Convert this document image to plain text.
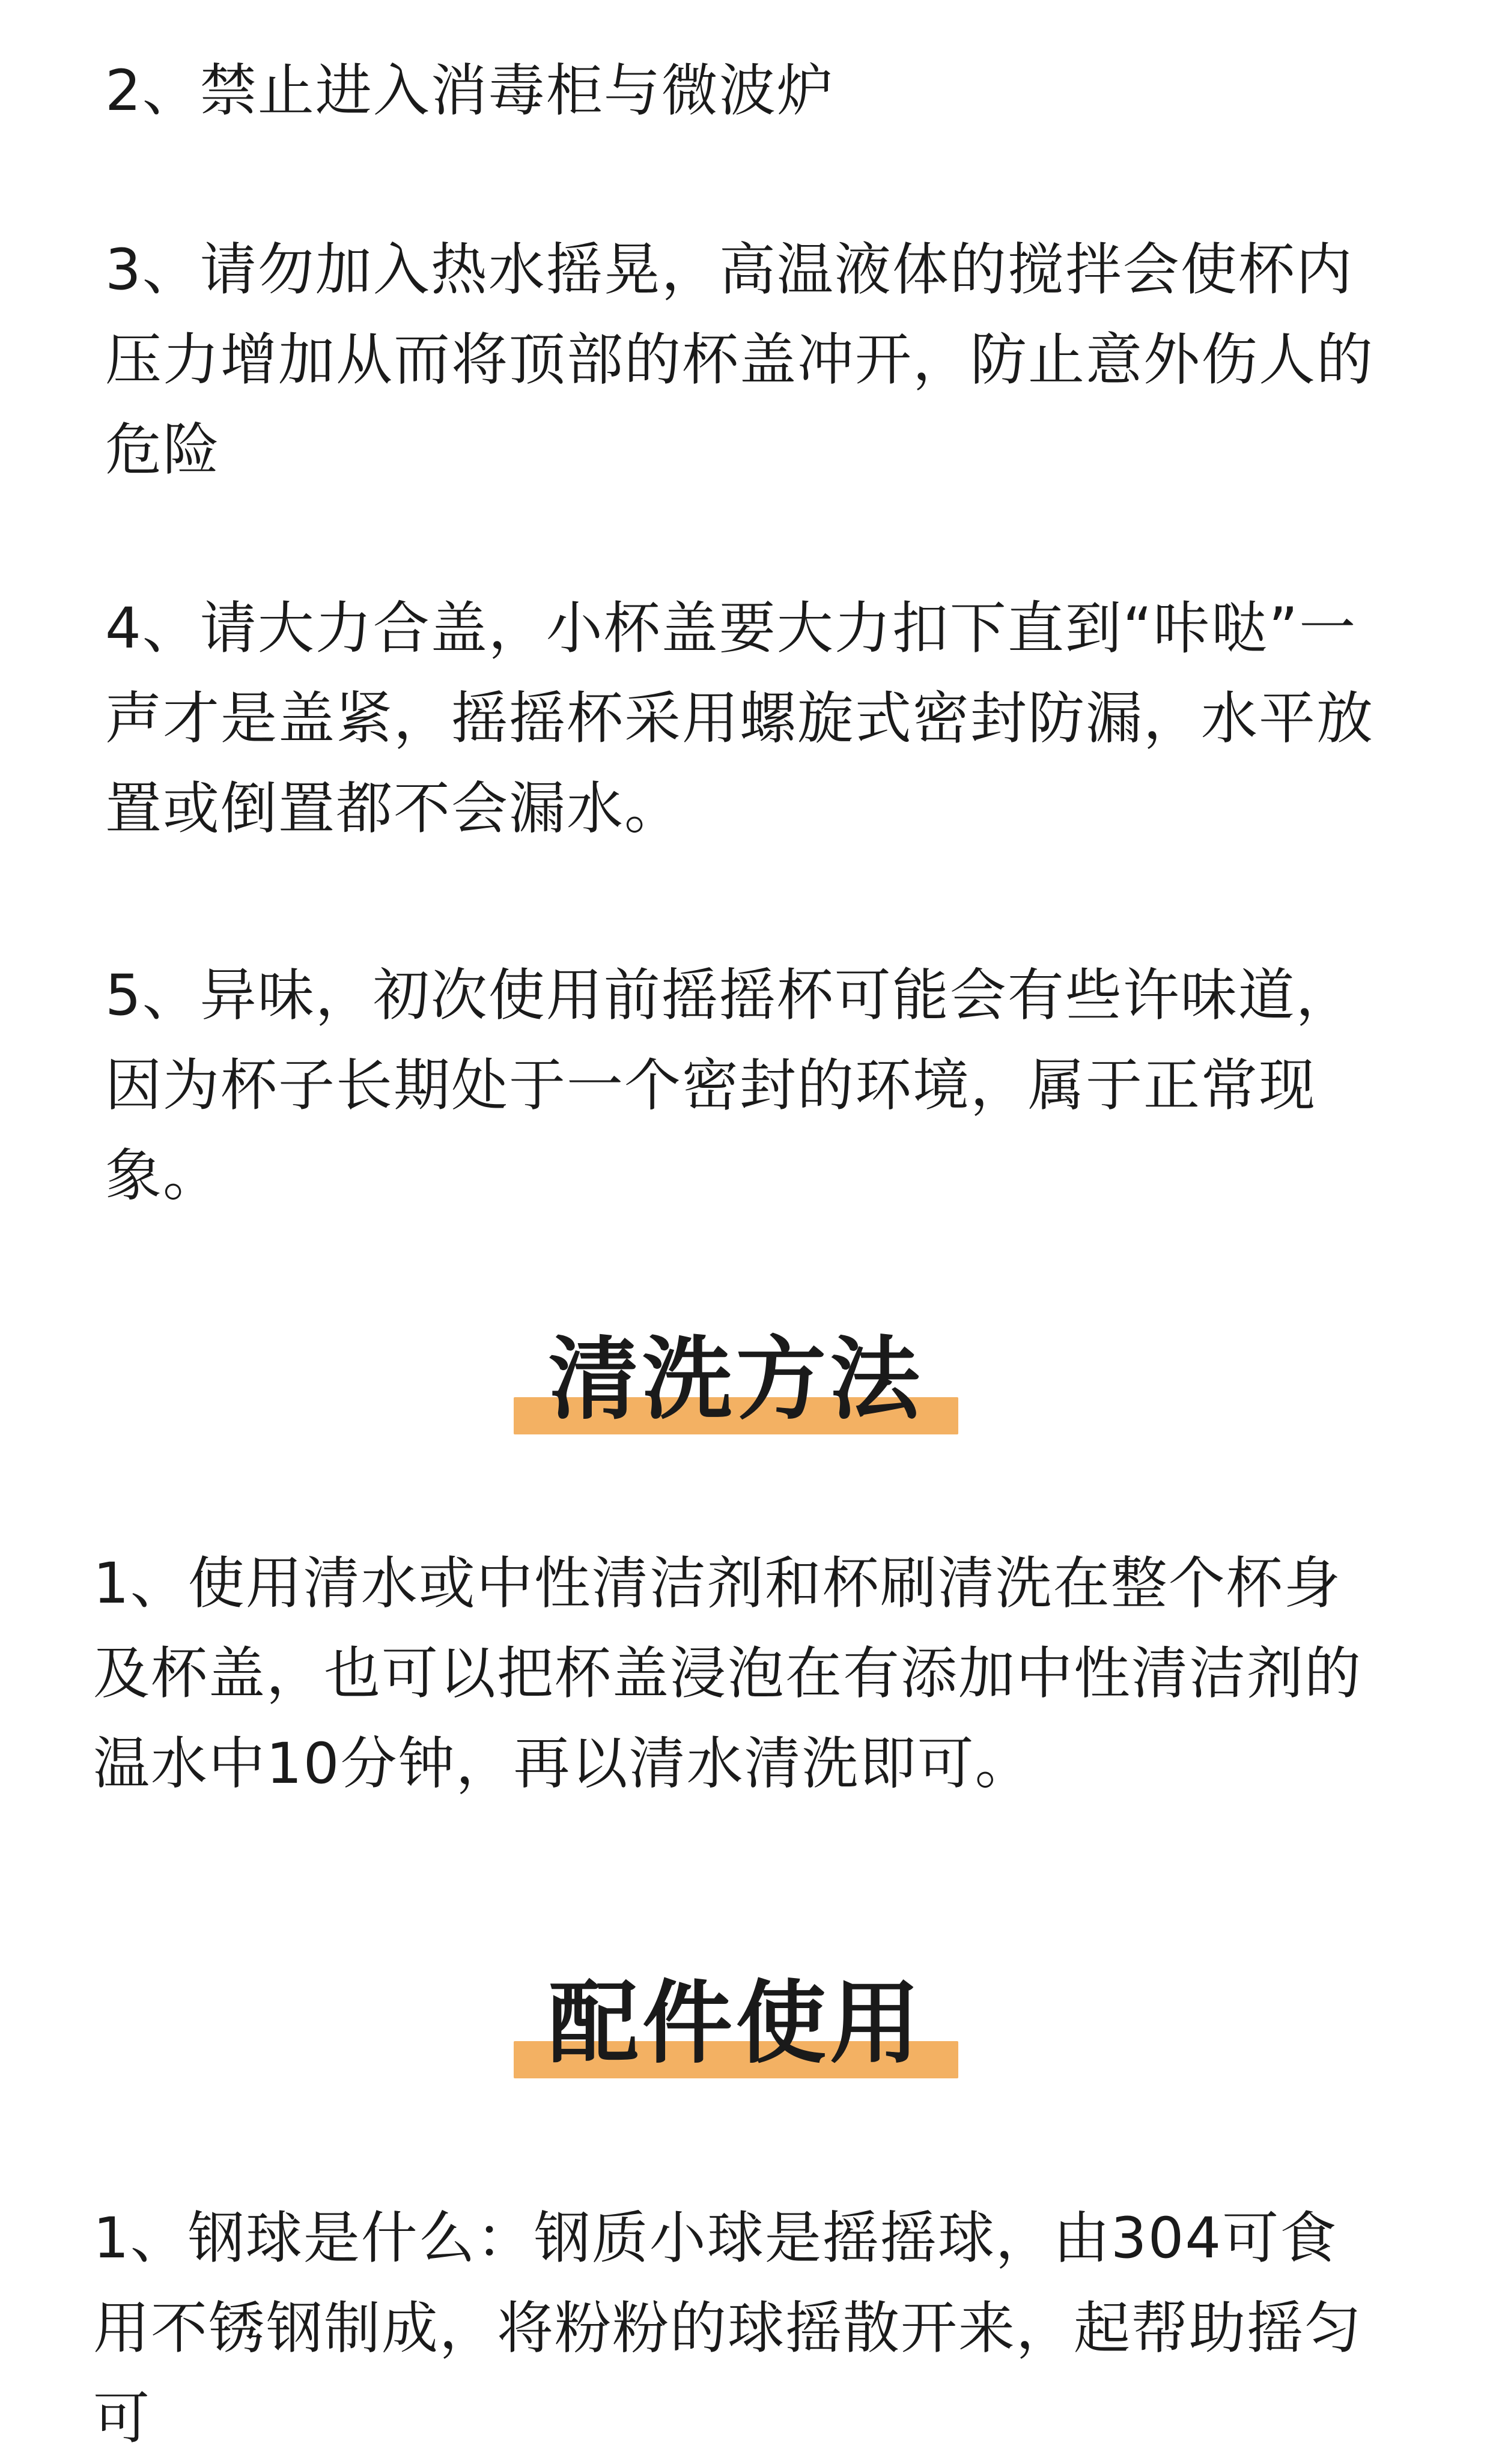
2、禁止进入消毒柜与微波炉

3、请勿加入热水摇晃，高温液体的搅拌会使杯内压力增加从而将顶部的杯盖冲开，防止意外伤人的危险

4、请大力合盖，小杯盖要大力扣下直到“咔哒”一声才是盖紧，摇摇杯采用螺旋式密封防漏，水平放置或倒置都不会漏水。

5、异味，初次使用前摇摇杯可能会有些许味道，因为杯子长期处于一个密封的环境，属于正常现象。

清洗方法

1、使用清水或中性清洁剂和杯刷清洗在整个杯身及杯盖，也可以把杯盖浸泡在有添加中性清洁剂的温水中10分钟，再以清水清洗即可。

配件使用

1、钢球是什么：钢质小球是摇摇球，由304可食用不锈钢制成，将粉粉的球摇散开来，起帮助摇匀可
